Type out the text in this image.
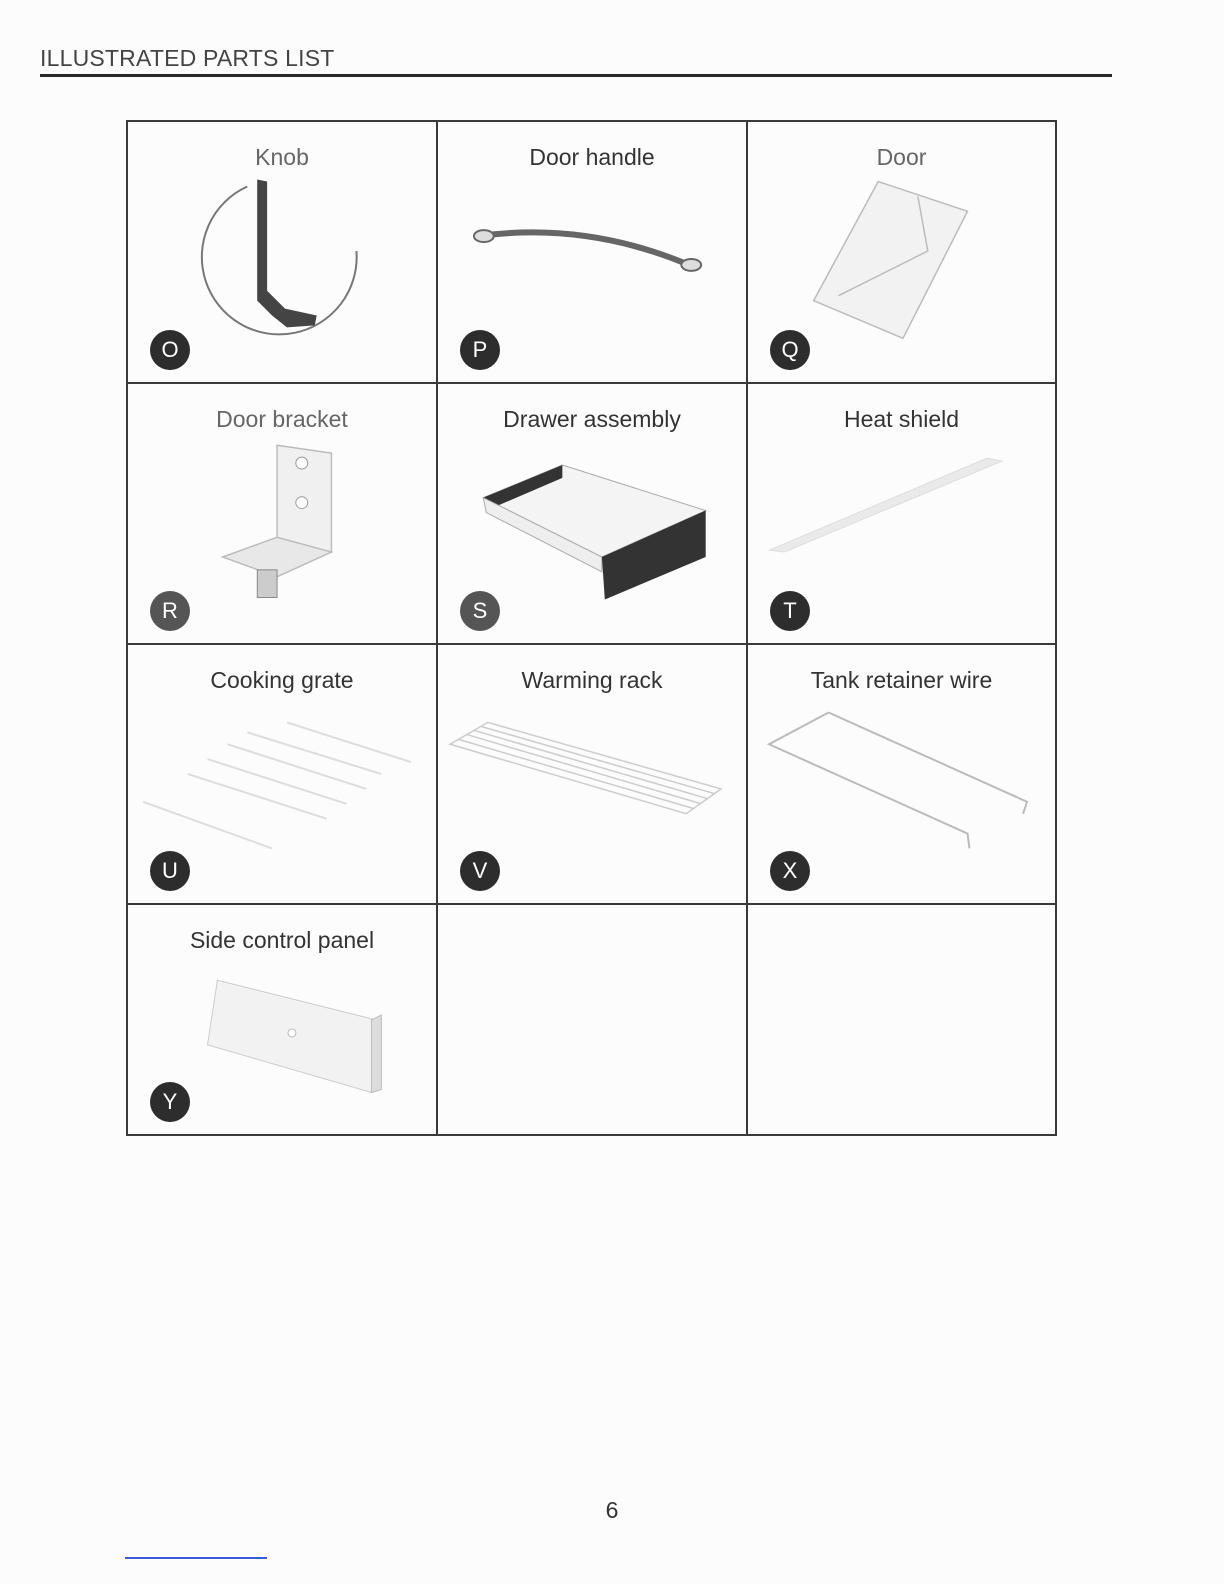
ILLUSTRATED PARTS LIST
Knob
O
Door handle
P
Door
Q
Door bracket
R
Drawer assembly
S
Heat shield
T
Cooking grate
U
Warming rack
V
Tank retainer wire
X
Side control panel
Y
6
